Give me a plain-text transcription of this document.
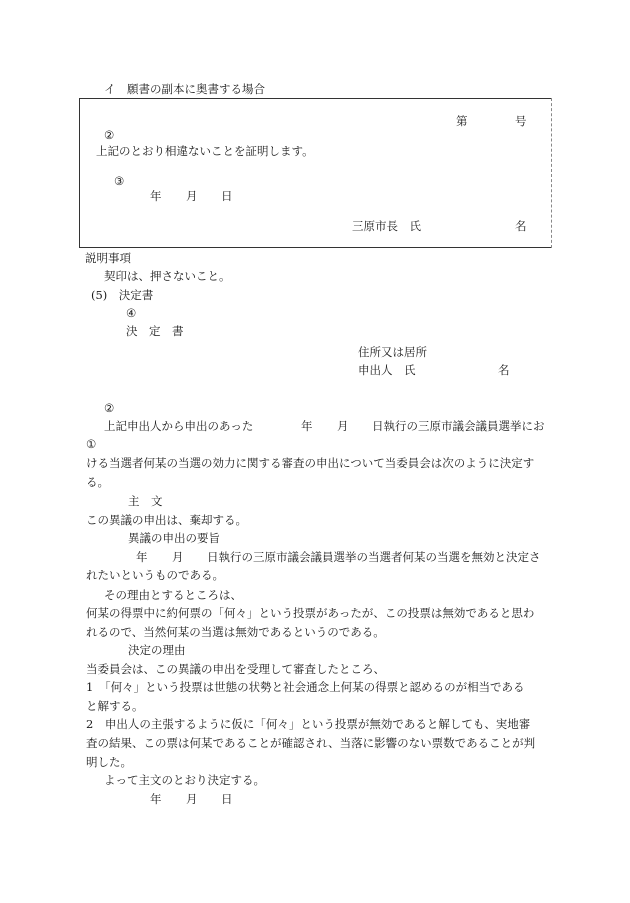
イ　願書の副本に奥書する場合
第	号
②
上記のとおり相違ないことを証明します。
③
年 月 日
三原市長　氏	名
説明事項
契印は、押さないこと。
(5)　決定書
④
決　定　書
住所又は居所
申出人　氏	名
②
上記申出人から申出のあった	年 月 日執行の三原市議会議員選挙にお
①
ける当選者何某の当選の効力に関する審査の申出について当委員会は次のように決定す
る。
主　文
この異議の申出は、棄却する。
異議の申出の要旨
年 月 日執行の三原市議会議員選挙の当選者何某の当選を無効と決定さ
れたいというものである。
その理由とするところは、
何某の得票中に約何票の「何々」という投票があったが、この投票は無効であると思わ
れるので、当然何某の当選は無効であるというのである。
決定の理由
当委員会は、この異議の申出を受理して審査したところ、
1　「何々」という投票は世態の状勢と社会通念上何某の得票と認めるのが相当である
と解する。
2　申出人の主張するように仮に「何々」という投票が無効であると解しても、実地審
査の結果、この票は何某であることが確認され、当落に影響のない票数であることが判
明した。
よって主文のとおり決定する。
年 月 日
